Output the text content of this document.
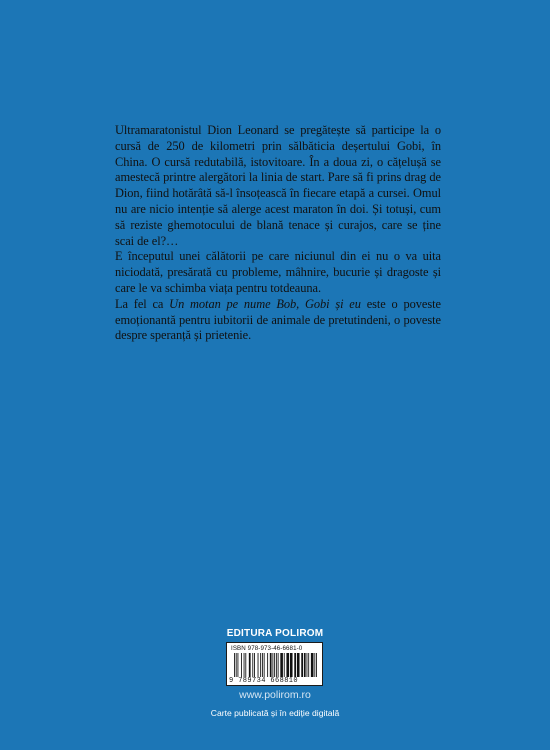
Ultramaratonistul Dion Leonard se pregătește să participe la o cursă de 250 de kilometri prin sălbăticia deșertului Gobi, în China. O cursă redutabilă, istovitoare. În a doua zi, o cățelușă se amestecă printre alergători la linia de start. Pare să fi prins drag de Dion, fiind hotărâtă să-l însoțească în fiecare etapă a cursei. Omul nu are nicio intenție să alerge acest maraton în doi. Și totuși, cum să reziste ghemotocului de blană tenace și curajos, care se ține scai de el?…

E începutul unei călătorii pe care niciunul din ei nu o va uita niciodată, presărată cu probleme, mâhnire, bucurie și dragoste și care le va schimba viața pentru totdeauna.

La fel ca Un motan pe nume Bob, Gobi și eu este o poveste emoționantă pentru iubitorii de animale de pretutindeni, o poveste despre speranță și prietenie.

EDITURA POLIROM
ISBN 978-973-46-6681-0
9 789734 668810
www.polirom.ro
Carte publicată și în ediție digitală
